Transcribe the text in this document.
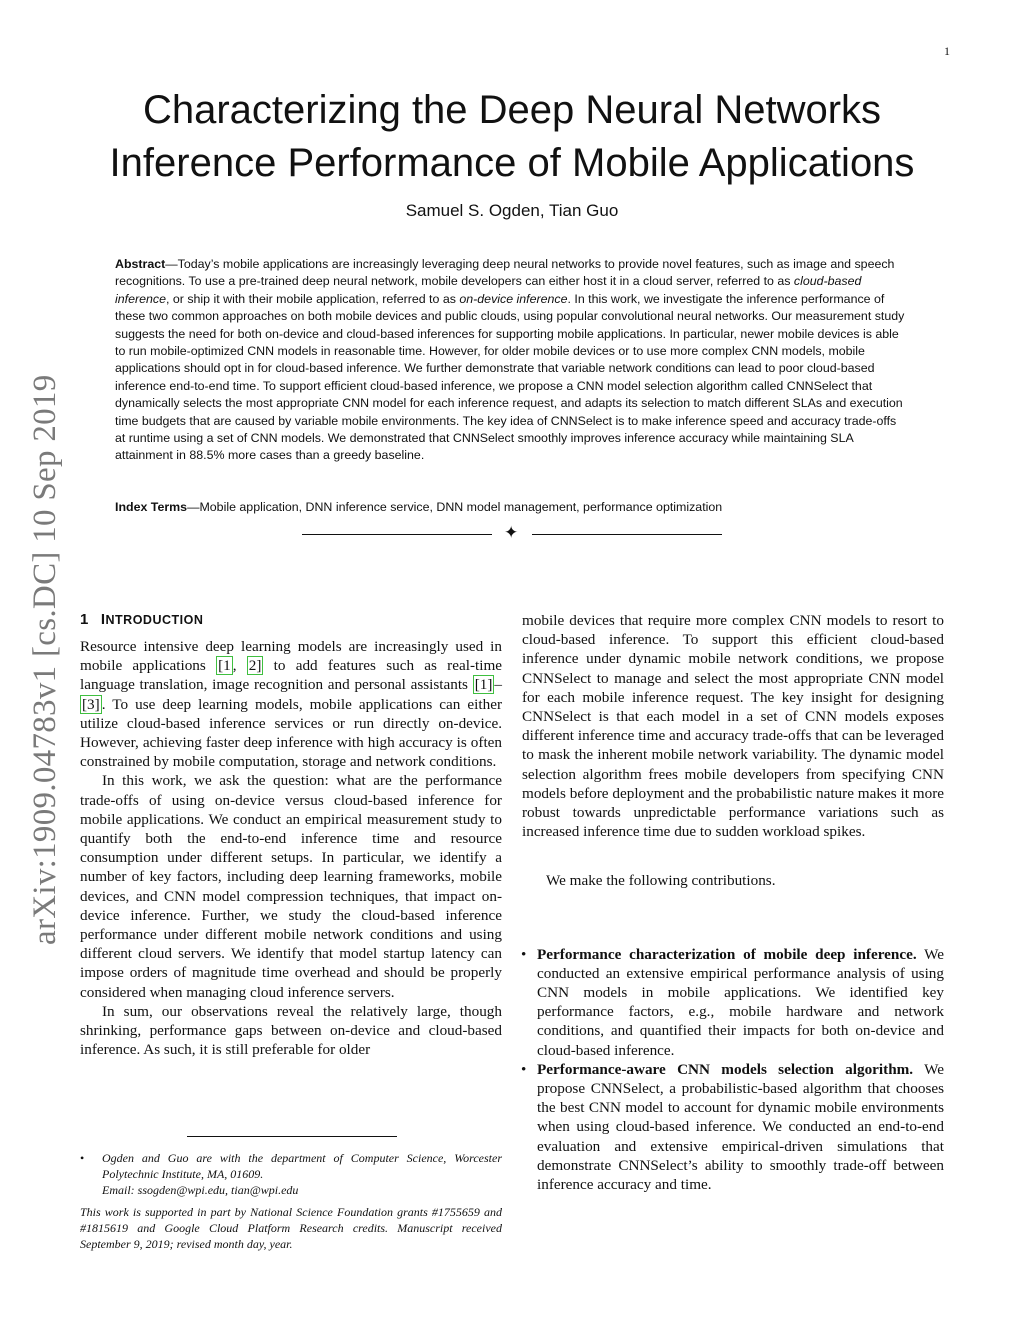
1
arXiv:1909.04783v1 [cs.DC] 10 Sep 2019
Characterizing the Deep Neural Networks
Inference Performance of Mobile Applications
Samuel S. Ogden, Tian Guo
Abstract—Today’s mobile applications are increasingly leveraging deep neural networks to provide novel features, such as image and speech recognitions. To use a pre-trained deep neural network, mobile developers can either host it in a cloud server, referred to as cloud-based inference, or ship it with their mobile application, referred to as on-device inference. In this work, we investigate the inference performance of these two common approaches on both mobile devices and public clouds, using popular convolutional neural networks. Our measurement study suggests the need for both on-device and cloud-based inferences for supporting mobile applications. In particular, newer mobile devices is able to run mobile-optimized CNN models in reasonable time. However, for older mobile devices or to use more complex CNN models, mobile applications should opt in for cloud-based inference. We further demonstrate that variable network conditions can lead to poor cloud-based inference end-to-end time. To support efficient cloud-based inference, we propose a CNN model selection algorithm called CNNSelect that dynamically selects the most appropriate CNN model for each inference request, and adapts its selection to match different SLAs and execution time budgets that are caused by variable mobile environments. The key idea of CNNSelect is to make inference speed and accuracy trade-offs at runtime using a set of CNN models. We demonstrated that CNNSelect smoothly improves inference accuracy while maintaining SLA attainment in 88.5% more cases than a greedy baseline.
Index Terms—Mobile application, DNN inference service, DNN model management, performance optimization
✦
1 INTRODUCTION

Resource intensive deep learning models are increasingly used in mobile applications [1 , 2] to add features such as real-time language translation, image recognition and personal assistants [1] –[3] . To use deep learning models, mobile applications can either utilize cloud-based inference services or run directly on-device. However, achieving faster deep inference with high accuracy is often constrained by mobile computation, storage and network conditions.

In this work, we ask the question: what are the performance trade-offs of using on-device versus cloud-based inference for mobile applications. We conduct an empirical measurement study to quantify both the end-to-end inference time and resource consumption under different setups. In particular, we identify a number of key factors, including deep learning frameworks, mobile devices, and CNN model compression techniques, that impact on-device inference. Further, we study the cloud-based inference performance under different mobile network conditions and using different cloud servers. We identify that model startup latency can impose orders of magnitude time overhead and should be properly considered when managing cloud inference servers.

In sum, our observations reveal the relatively large, though shrinking, performance gaps between on-device and cloud-based inference. As such, it is still preferable for older

• Ogden and Guo are with the department of Computer Science, Worcester Polytechnic Institute, MA, 01609.
Email: ssogden@wpi.edu, tian@wpi.edu
This work is supported in part by National Science Foundation grants #1755659 and #1815619 and Google Cloud Platform Research credits. Manuscript received September 9, 2019; revised month day, year.

mobile devices that require more complex CNN models to resort to cloud-based inference. To support this efficient cloud-based inference under dynamic mobile network conditions, we propose CNNSelect to manage and select the most appropriate CNN model for each mobile inference request. The key insight for designing CNNSelect is that each model in a set of CNN models exposes different inference time and accuracy trade-offs that can be leveraged to mask the inherent mobile network variability. The dynamic model selection algorithm frees mobile developers from specifying CNN models before deployment and the probabilistic nature makes it more robust towards unpredictable performance variations such as increased inference time due to sudden workload spikes.

We make the following contributions.

• Performance characterization of mobile deep inference. We conducted an extensive empirical performance analysis of using CNN models in mobile applications. We identified key performance factors, e.g., mobile hardware and network conditions, and quantified their impacts for both on-device and cloud-based inference.
• Performance-aware CNN models selection algorithm. We propose CNNSelect, a probabilistic-based algorithm that chooses the best CNN model to account for dynamic mobile environments when using cloud-based inference. We conducted an end-to-end evaluation and extensive empirical-driven simulations that demonstrate CNNSelect’s ability to smoothly trade-off between inference accuracy and time.
